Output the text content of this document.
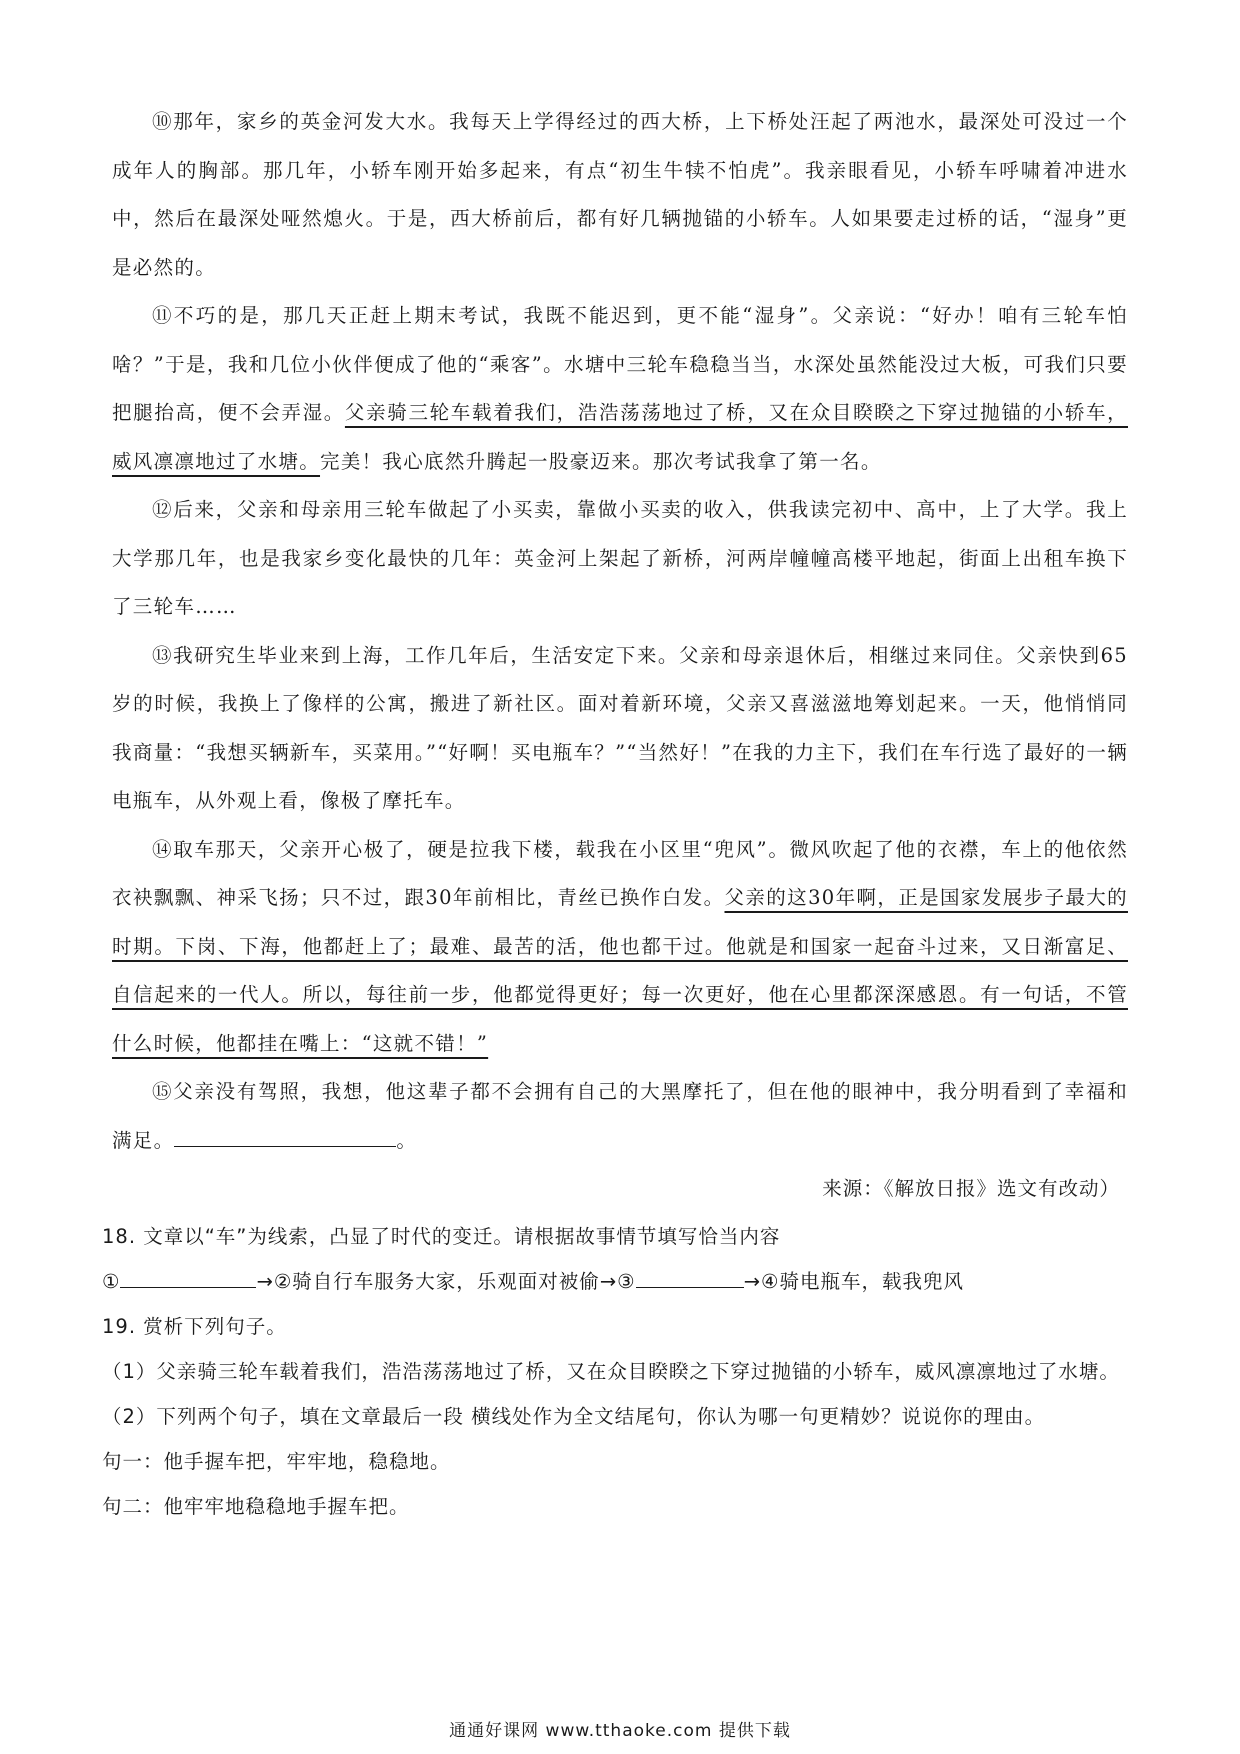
⑩那年，家乡的英金河发大水。我每天上学得经过的西大桥，上下桥处汪起了两池水，最深处可没过一个成年人的胸部。那几年，小轿车刚开始多起来，有点“初生牛犊不怕虎”。我亲眼看见，小轿车呼啸着冲进水中，然后在最深处哑然熄火。于是，西大桥前后，都有好几辆抛锚的小轿车。人如果要走过桥的话，“湿身”更是必然的。

⑪不巧的是，那几天正赶上期末考试，我既不能迟到，更不能“湿身”。父亲说：“好办！咱有三轮车怕啥？”于是，我和几位小伙伴便成了他的“乘客”。水塘中三轮车稳稳当当，水深处虽然能没过大板，可我们只要把腿抬高，便不会弄湿。父亲骑三轮车载着我们，浩浩荡荡地过了桥，又在众目睽睽之下穿过抛锚的小轿车，威风凛凛地过了水塘。完美！我心底然升腾起一股豪迈来。那次考试我拿了第一名。

⑫后来，父亲和母亲用三轮车做起了小买卖，靠做小买卖的收入，供我读完初中、高中，上了大学。我上大学那几年，也是我家乡变化最快的几年：英金河上架起了新桥，河两岸幢幢高楼平地起，街面上出租车换下了三轮车……

⑬我研究生毕业来到上海，工作几年后，生活安定下来。父亲和母亲退休后，相继过来同住。父亲快到65岁的时候，我换上了像样的公寓，搬进了新社区。面对着新环境，父亲又喜滋滋地筹划起来。一天，他悄悄同我商量：“我想买辆新车，买菜用。”“好啊！买电瓶车？”“当然好！”在我的力主下，我们在车行选了最好的一辆电瓶车，从外观上看，像极了摩托车。

⑭取车那天，父亲开心极了，硬是拉我下楼，载我在小区里“兜风”。微风吹起了他的衣襟，车上的他依然衣袂飘飘、神采飞扬；只不过，跟30年前相比，青丝已换作白发。父亲的这30年啊，正是国家发展步子最大的时期。下岗、下海，他都赶上了；最难、最苦的活，他也都干过。他就是和国家一起奋斗过来，又日渐富足、自信起来的一代人。所以，每往前一步，他都觉得更好；每一次更好，他在心里都深深感恩。有一句话，不管什么时候，他都挂在嘴上：“这就不错！”

⑮父亲没有驾照，我想，他这辈子都不会拥有自己的大黑摩托了，但在他的眼神中，我分明看到了幸福和满足。	。

来源：《解放日报》选文有改动）

18. 文章以“车”为线索，凸显了时代的变迁。请根据故事情节填写恰当内容

①	→②骑自行车服务大家，乐观面对被偷→③	→④骑电瓶车，载我兜风

19. 赏析下列句子。

（1）父亲骑三轮车载着我们，浩浩荡荡地过了桥，又在众目睽睽之下穿过抛锚的小轿车，威风凛凛地过了水塘。

（2）下列两个句子，填在文章最后一段 横线处作为全文结尾句，你认为哪一句更精妙？说说你的理由。

句一：他手握车把，牢牢地，稳稳地。

句二：他牢牢地稳稳地手握车把。

通通好课网 www.tthaoke.com 提供下载
